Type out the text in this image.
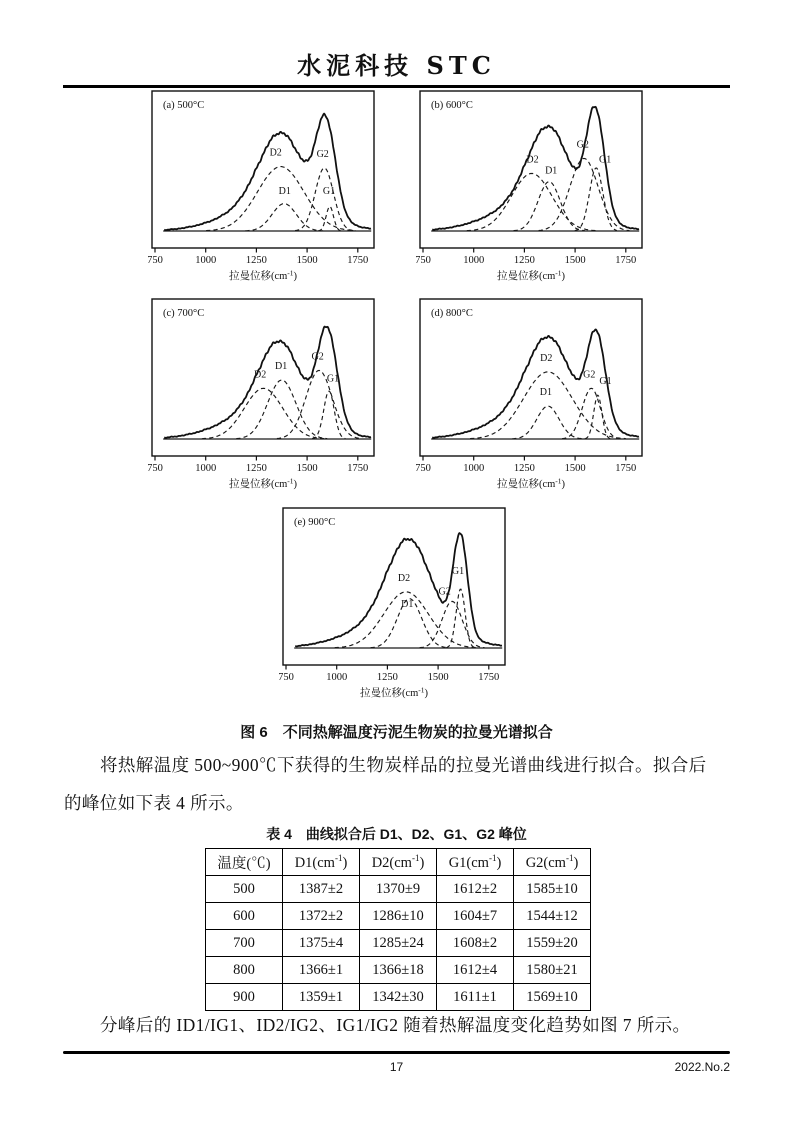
水泥科技 STC
D2
D1
G2
G1
(a) 500°C
750	1000	1250	1500	1750
拉曼位移$(cm^{-1})$
D2
D1
G2
G1
(b) 600°C
750	1000	1250	1500	1750
拉曼位移$(cm^{-1})$
D2
D1
G2
G1
(c) 700°C
750	1000	1250	1500	1750
拉曼位移$(cm^{-1})$
D2
D1
G2
G1
(d) 800°C
750	1000	1250	1500	1750
拉曼位移$(cm^{-1})$
D2
D1
G2
G1
(e) 900°C
750	1000	1250	1500	1750
拉曼位移$(cm^{-1})$
图 6　不同热解温度污泥生物炭的拉曼光谱拟合
将热解温度 500~900℃下获得的生物炭样品的拉曼光谱曲线进行拟合。拟合后
的峰位如下表 4 所示。
表 4　曲线拟合后 D1、D2、G1、G2 峰位
温度(℃)	$D1(cm^{-1})$	$D2(cm^{-1})$	$G1(cm^{-1})$	$G2(cm^{-1})$
500	1387±2	1370±9	1612±2	1585±10
600	1372±2	1286±10	1604±7	1544±12
700	1375±4	1285±24	1608±2	1559±20
800	1366±1	1366±18	1612±4	1580±21
900	1359±1	1342±30	1611±1	1569±10
分峰后的 ID1/IG1、ID2/IG2、IG1/IG2 随着热解温度变化趋势如图 7 所示。
17	2022.No.2
